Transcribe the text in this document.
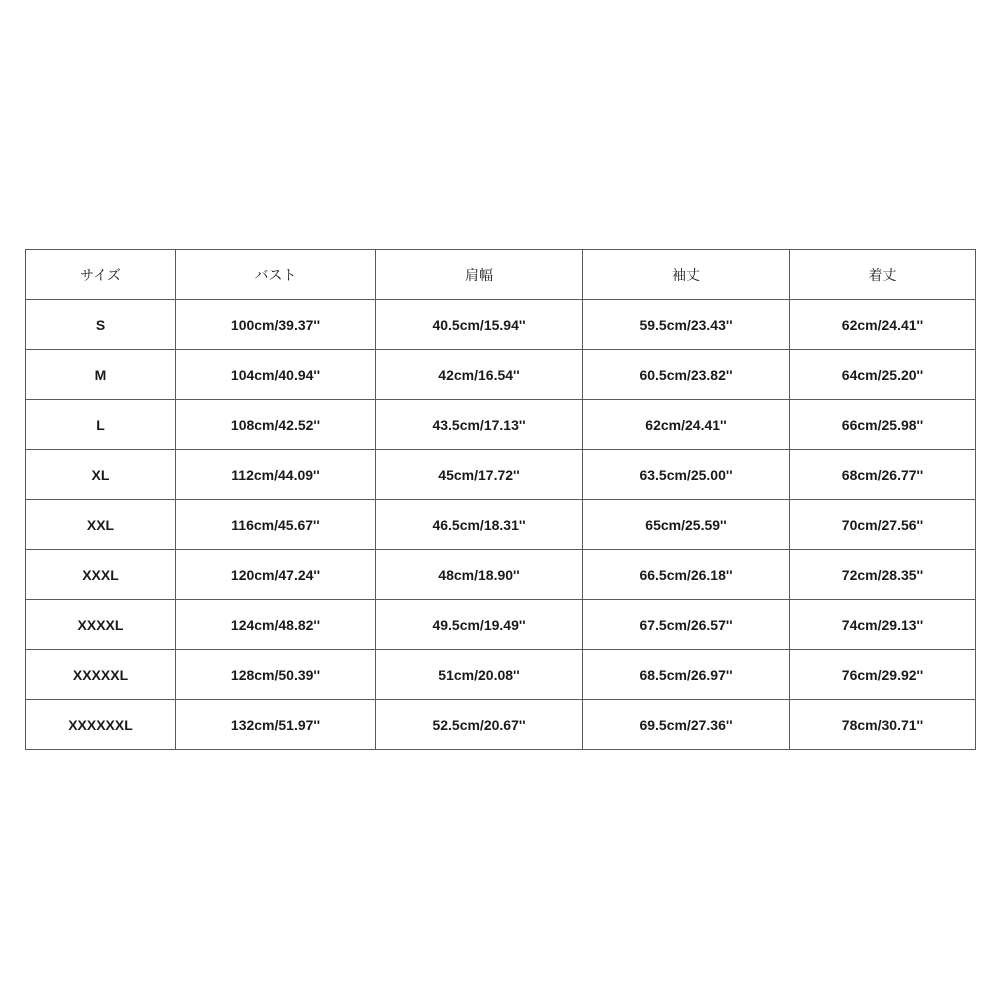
サイズ	バスト	肩幅	袖丈	着丈
S	100cm/39.37''	40.5cm/15.94''	59.5cm/23.43''	62cm/24.41''
M	104cm/40.94''	42cm/16.54''	60.5cm/23.82''	64cm/25.20''
L	108cm/42.52''	43.5cm/17.13''	62cm/24.41''	66cm/25.98''
XL	112cm/44.09''	45cm/17.72''	63.5cm/25.00''	68cm/26.77''
XXL	116cm/45.67''	46.5cm/18.31''	65cm/25.59''	70cm/27.56''
XXXL	120cm/47.24''	48cm/18.90''	66.5cm/26.18''	72cm/28.35''
XXXXL	124cm/48.82''	49.5cm/19.49''	67.5cm/26.57''	74cm/29.13''
XXXXXL	128cm/50.39''	51cm/20.08''	68.5cm/26.97''	76cm/29.92''
XXXXXXL	132cm/51.97''	52.5cm/20.67''	69.5cm/27.36''	78cm/30.71''
